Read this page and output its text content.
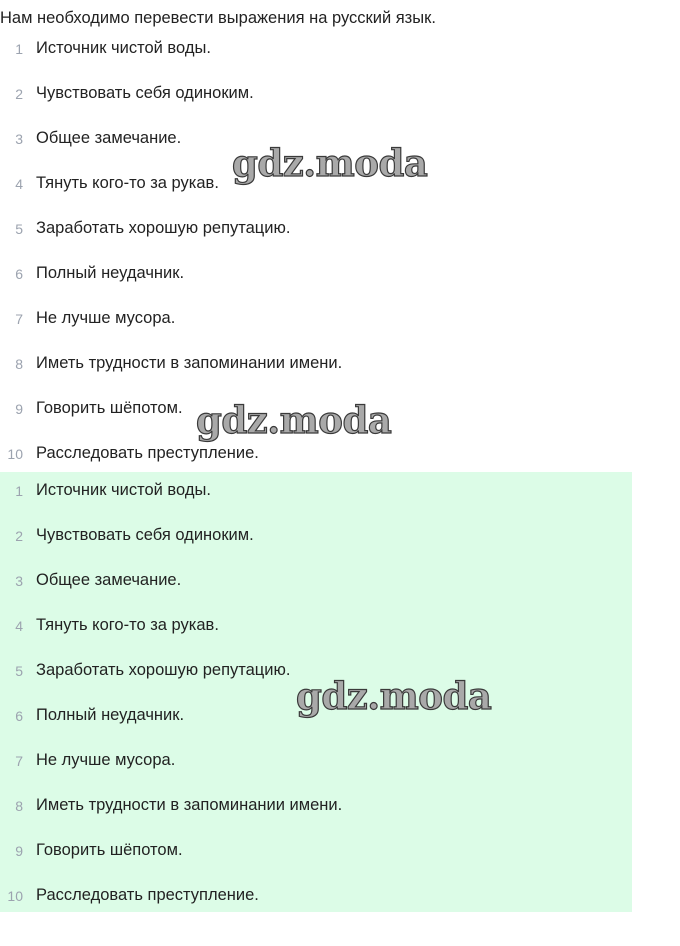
Нам необходимо перевести выражения на русский язык.
1 Источник чистой воды.
2 Чувствовать себя одиноким.
3 Общее замечание.
4 Тянуть кого-то за рукав.
5 Заработать хорошую репутацию.
6 Полный неудачник.
7 Не лучше мусора.
8 Иметь трудности в запоминании имени.
9 Говорить шёпотом.
10 Расследовать преступление.
1 Источник чистой воды.
2 Чувствовать себя одиноким.
3 Общее замечание.
4 Тянуть кого-то за рукав.
5 Заработать хорошую репутацию.
6 Полный неудачник.
7 Не лучше мусора.
8 Иметь трудности в запоминании имени.
9 Говорить шёпотом.
10 Расследовать преступление.
gdz.moda
gdz.moda
gdz.moda
